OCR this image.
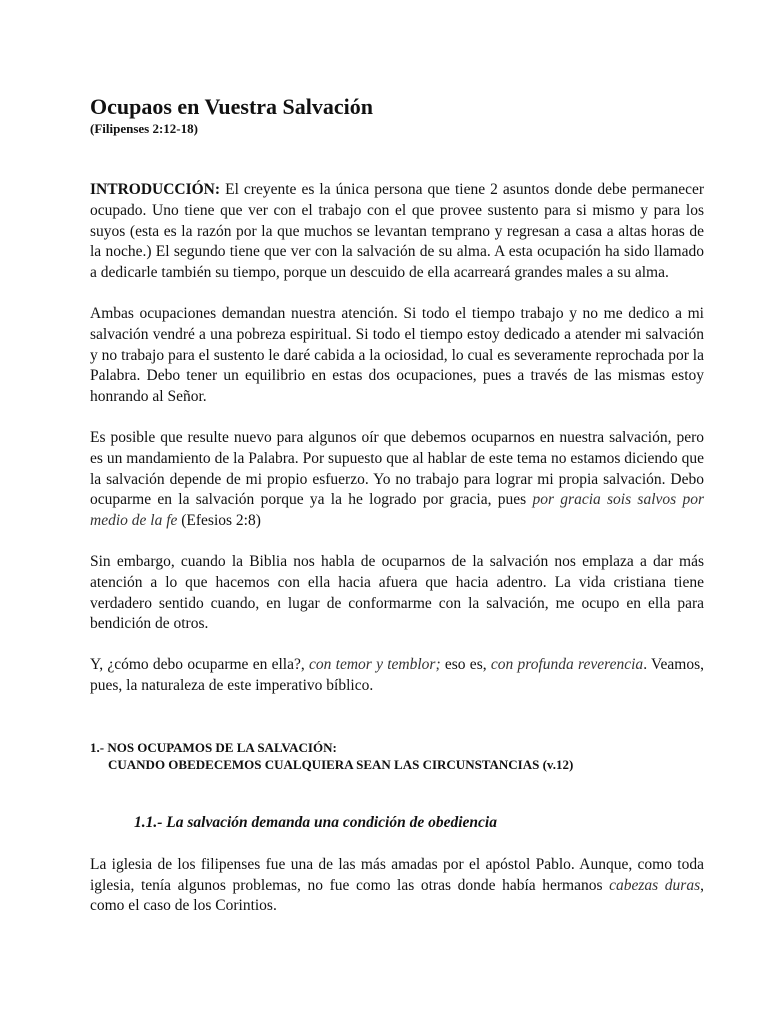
Ocupaos en Vuestra Salvación
(Filipenses 2:12-18)

INTRODUCCIÓN: El creyente es la única persona que tiene 2 asuntos donde debe permanecer ocupado. Uno tiene que ver con el trabajo con el que provee sustento para si mismo y para los suyos (esta es la razón por la que muchos se levantan temprano y regresan a casa a altas horas de la noche.) El segundo tiene que ver con la salvación de su alma. A esta ocupación ha sido llamado a dedicarle también su tiempo, porque un descuido de ella acarreará grandes males a su alma.

Ambas ocupaciones demandan nuestra atención. Si todo el tiempo trabajo y no me dedico a mi salvación vendré a una pobreza espiritual. Si todo el tiempo estoy dedicado a atender mi salvación y no trabajo para el sustento le daré cabida a la ociosidad, lo cual es severamente reprochada por la Palabra. Debo tener un equilibrio en estas dos ocupaciones, pues a través de las mismas estoy honrando al Señor.

Es posible que resulte nuevo para algunos oír que debemos ocuparnos en nuestra salvación, pero es un mandamiento de la Palabra. Por supuesto que al hablar de este tema no estamos diciendo que la salvación depende de mi propio esfuerzo. Yo no trabajo para lograr mi propia salvación. Debo ocuparme en la salvación porque ya la he logrado por gracia, pues por gracia sois salvos por medio de la fe (Efesios 2:8)

Sin embargo, cuando la Biblia nos habla de ocuparnos de la salvación nos emplaza a dar más atención a lo que hacemos con ella hacia afuera que hacia adentro. La vida cristiana tiene verdadero sentido cuando, en lugar de conformarme con la salvación, me ocupo en ella para bendición de otros.

Y, ¿cómo debo ocuparme en ella?, con temor y temblor; eso es, con profunda reverencia. Veamos, pues, la naturaleza de este imperativo bíblico.

1.- NOS OCUPAMOS DE LA SALVACIÓN:
CUANDO OBEDECEMOS CUALQUIERA SEAN LAS CIRCUNSTANCIAS (v.12)
1.1.- La salvación demanda una condición de obediencia

La iglesia de los filipenses fue una de las más amadas por el apóstol Pablo. Aunque, como toda iglesia, tenía algunos problemas, no fue como las otras donde había hermanos cabezas duras, como el caso de los Corintios.
